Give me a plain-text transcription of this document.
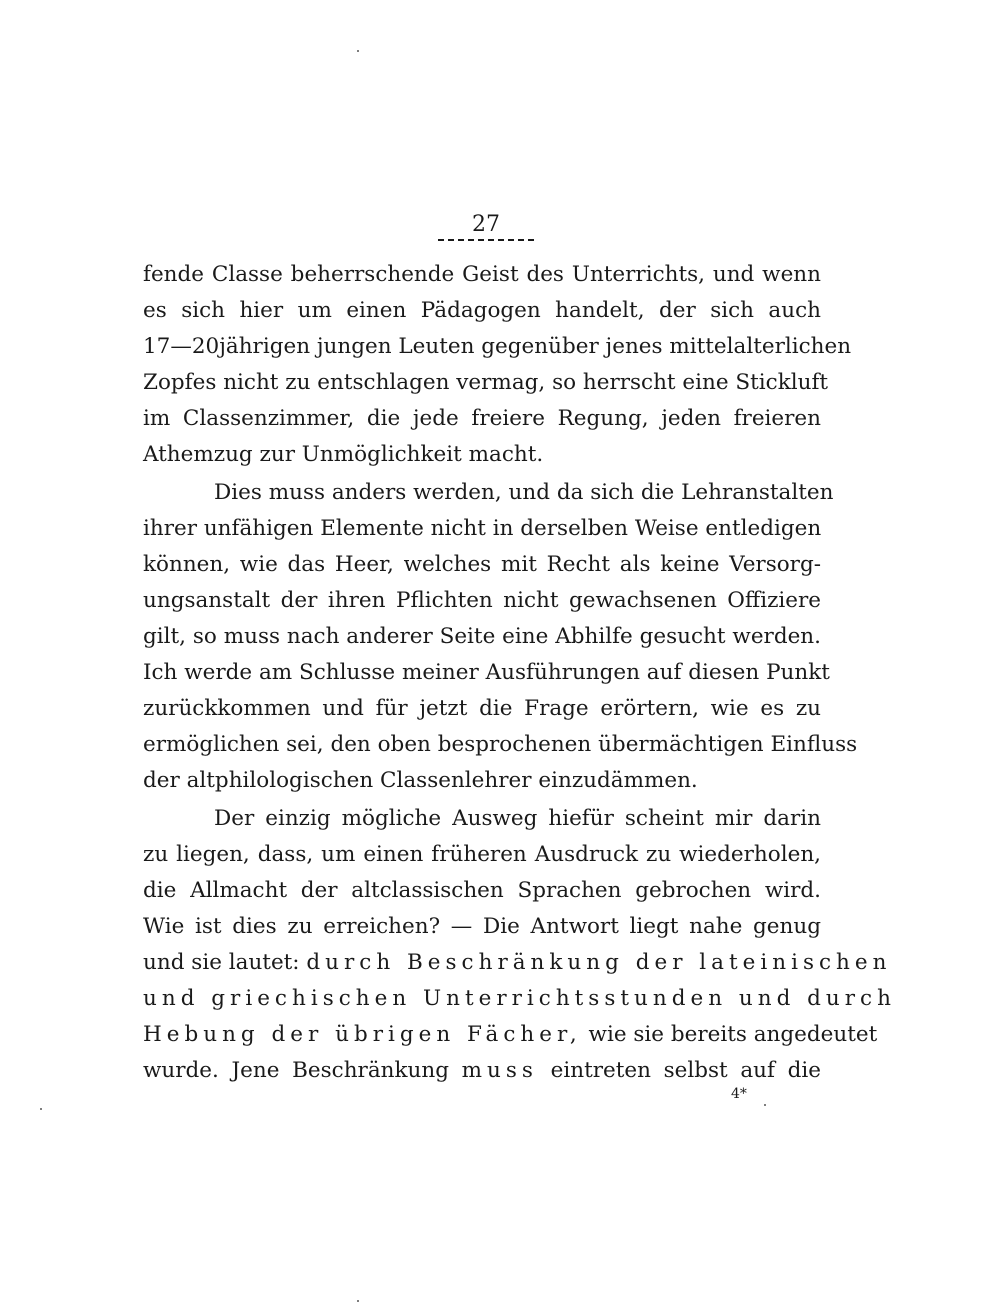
27
fende Classe beherrschende Geist des Unterrichts, und wenn
es sich hier um einen Pädagogen handelt, der sich auch
17—20jährigen jungen Leuten gegenüber jenes mittelalterlichen
Zopfes nicht zu entschlagen vermag, so herrscht eine Stickluft
im Classenzimmer, die jede freiere Regung, jeden freieren
Athemzug zur Unmöglichkeit macht.
Dies muss anders werden, und da sich die Lehranstalten
ihrer unfähigen Elemente nicht in derselben Weise entledigen
können, wie das Heer, welches mit Recht als keine Versorg-
ungsanstalt der ihren Pflichten nicht gewachsenen Offiziere
gilt, so muss nach anderer Seite eine Abhilfe gesucht werden.
Ich werde am Schlusse meiner Ausführungen auf diesen Punkt
zurückkommen und für jetzt die Frage erörtern, wie es zu
ermöglichen sei, den oben besprochenen übermächtigen Einfluss
der altphilologischen Classenlehrer einzudämmen.
Der einzig mögliche Ausweg hiefür scheint mir darin
zu liegen, dass, um einen früheren Ausdruck zu wiederholen,
die Allmacht der altclassischen Sprachen gebrochen wird.
Wie ist dies zu erreichen? — Die Antwort liegt nahe genug
und sie lautet: durch Beschränkung der lateinischen
und griechischen Unterrichtsstunden und durch
Hebung der übrigen Fächer, wie sie bereits angedeutet
wurde. Jene Beschränkung muss eintreten selbst auf die
4*
